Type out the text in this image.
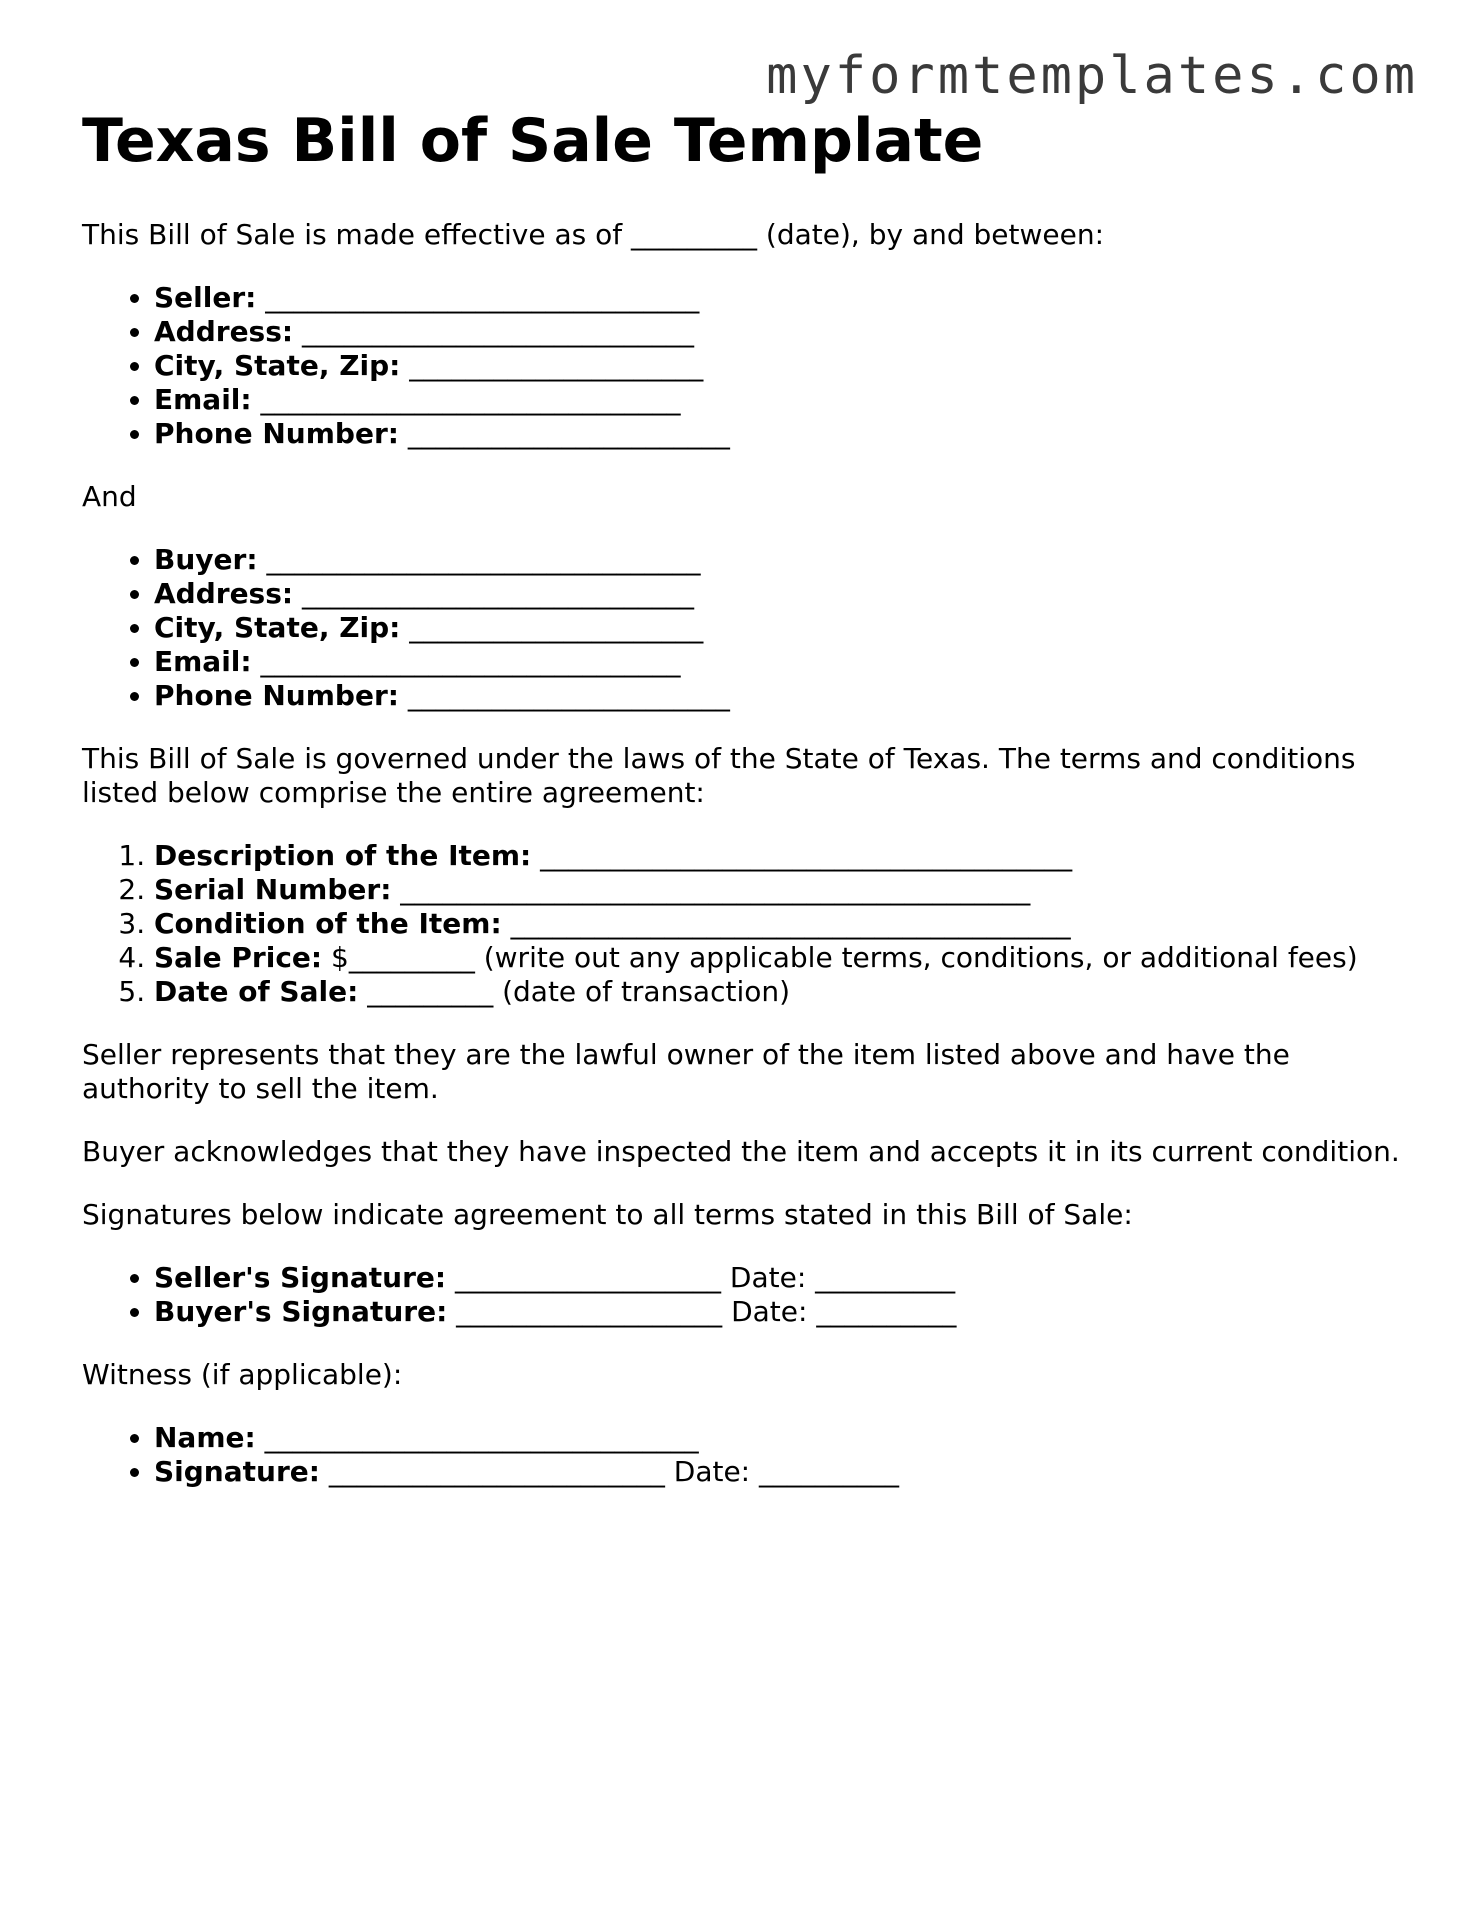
myformtemplates.com
Texas Bill of Sale Template

This Bill of Sale is made effective as of _________ (date), by and between:

• Seller: _______________________________
• Address: ____________________________
• City, State, Zip: _____________________
• Email: ______________________________
• Phone Number: _______________________

And

• Buyer: _______________________________
• Address: ____________________________
• City, State, Zip: _____________________
• Email: ______________________________
• Phone Number: _______________________

This Bill of Sale is governed under the laws of the State of Texas. The terms and conditions listed below comprise the entire agreement:

1. Description of the Item: ______________________________________
2. Serial Number: _____________________________________________
3. Condition of the Item: ________________________________________
4. Sale Price: $_________ (write out any applicable terms, conditions, or additional fees)
5. Date of Sale: _________ (date of transaction)

Seller represents that they are the lawful owner of the item listed above and have the authority to sell the item.

Buyer acknowledges that they have inspected the item and accepts it in its current condition.

Signatures below indicate agreement to all terms stated in this Bill of Sale:

• Seller's Signature: ___________________ Date: __________
• Buyer's Signature: ___________________ Date: __________

Witness (if applicable):

• Name: _______________________________
• Signature: ________________________ Date: __________
